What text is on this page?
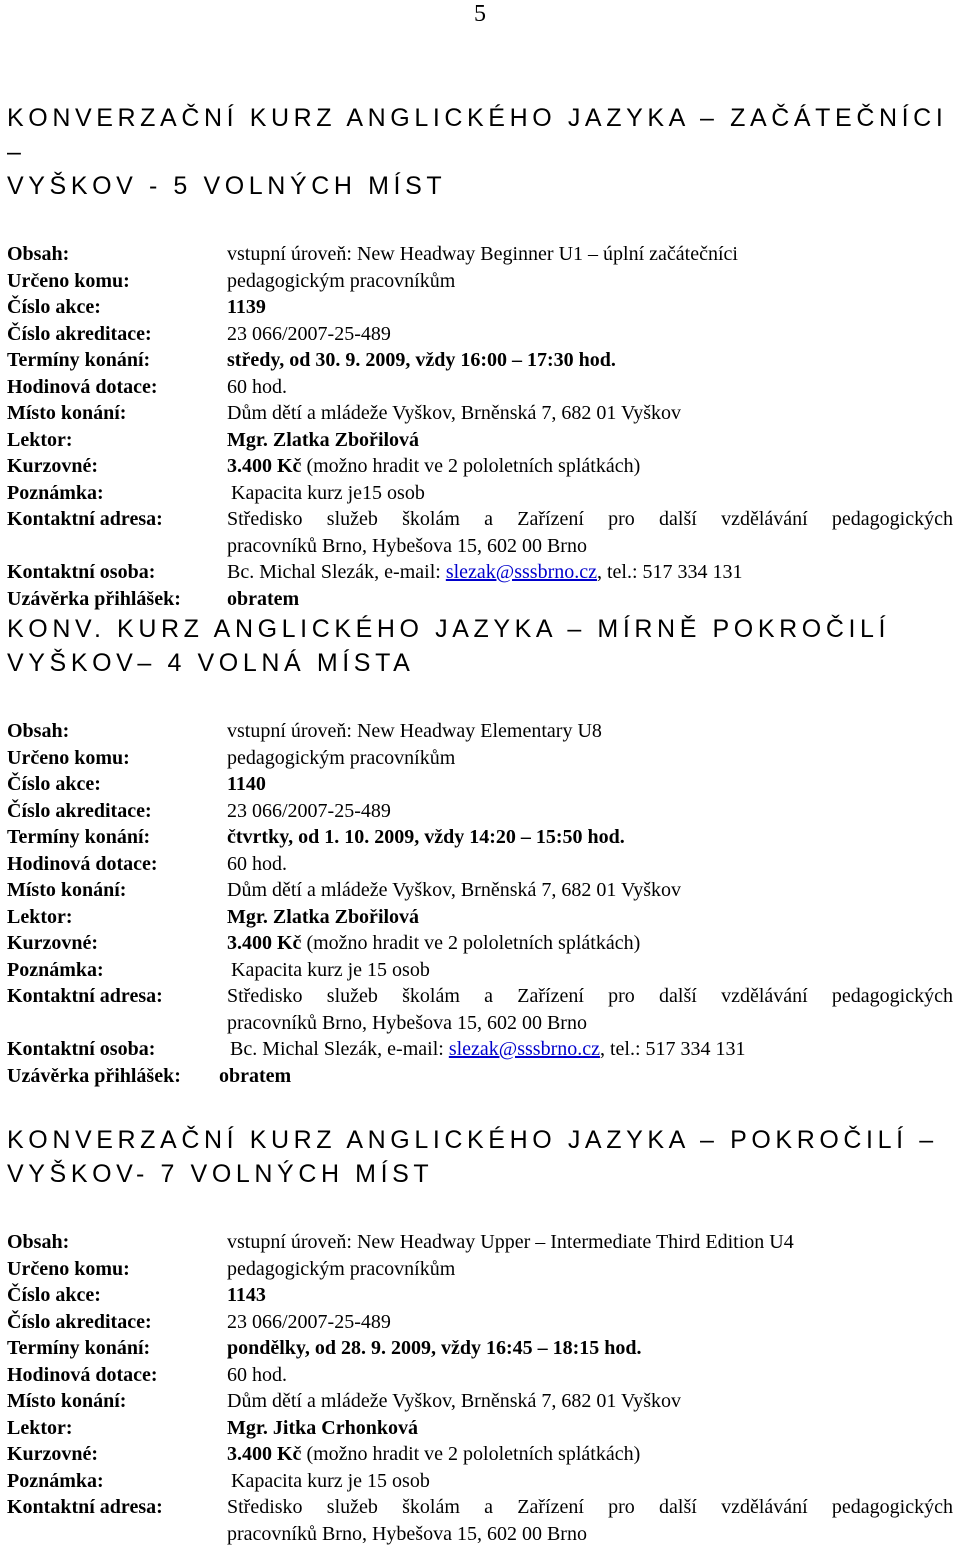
5
KONVERZAČNÍ KURZ ANGLICKÉHO JAZYKA – ZAČÁTEČNÍCI –
VYŠKOV - 5 VOLNÝCH MÍST
Obsah:	vstupní úroveň: New Headway Beginner U1 – úplní začátečníci
Určeno komu:	pedagogickým pracovníkům
Číslo akce:	1139
Číslo akreditace:	23 066/2007-25-489
Termíny konání:	středy, od 30. 9. 2009, vždy 16:00 – 17:30 hod.
Hodinová dotace:	60 hod.
Místo konání:	Dům dětí a mládeže Vyškov, Brněnská 7, 682 01 Vyškov
Lektor:	Mgr. Zlatka Zbořilová
Kurzovné:	3.400 Kč (možno hradit ve 2 pololetních splátkách)
Poznámka:	Kapacita kurz je15 osob
Kontaktní adresa:	Středisko služeb školám a Zařízení pro další vzdělávání pedagogických
pracovníků Brno, Hybešova 15, 602 00 Brno
Kontaktní osoba:	Bc. Michal Slezák, e-mail: slezak@sssbrno.cz, tel.: 517 334 131
Uzávěrka přihlášek: obratem
KONV. KURZ ANGLICKÉHO JAZYKA – MÍRNĚ POKROČILÍ
VYŠKOV– 4 VOLNÁ MÍSTA
Obsah:	vstupní úroveň: New Headway Elementary U8
Určeno komu:	pedagogickým pracovníkům
Číslo akce:	1140
Číslo akreditace:	23 066/2007-25-489
Termíny konání:	čtvrtky, od 1. 10. 2009, vždy 14:20 – 15:50 hod.
Hodinová dotace:	60 hod.
Místo konání:	Dům dětí a mládeže Vyškov, Brněnská 7, 682 01 Vyškov
Lektor:	Mgr. Zlatka Zbořilová
Kurzovné:	3.400 Kč (možno hradit ve 2 pololetních splátkách)
Poznámka:	Kapacita kurz je 15 osob
Kontaktní adresa:	Středisko služeb školám a Zařízení pro další vzdělávání pedagogických
pracovníků Brno, Hybešova 15, 602 00 Brno
Kontaktní osoba:	Bc. Michal Slezák, e-mail: slezak@sssbrno.cz, tel.: 517 334 131
Uzávěrka přihlášek: obratem
KONVERZAČNÍ KURZ ANGLICKÉHO JAZYKA – POKROČILÍ –
VYŠKOV- 7 VOLNÝCH MÍST
Obsah:	vstupní úroveň: New Headway Upper – Intermediate Third Edition U4
Určeno komu:	pedagogickým pracovníkům
Číslo akce:	1143
Číslo akreditace:	23 066/2007-25-489
Termíny konání:	pondělky, od 28. 9. 2009, vždy 16:45 – 18:15 hod.
Hodinová dotace:	60 hod.
Místo konání:	Dům dětí a mládeže Vyškov, Brněnská 7, 682 01 Vyškov
Lektor:	Mgr. Jitka Crhonková
Kurzovné:	3.400 Kč (možno hradit ve 2 pololetních splátkách)
Poznámka:	Kapacita kurz je 15 osob
Kontaktní adresa:	Středisko služeb školám a Zařízení pro další vzdělávání pedagogických
pracovníků Brno, Hybešova 15, 602 00 Brno
